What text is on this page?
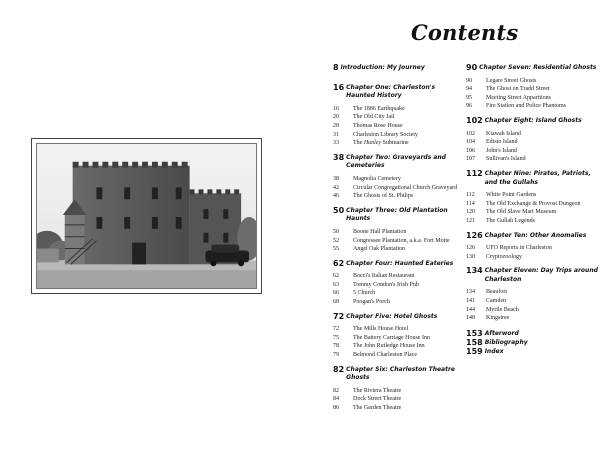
Contents

8 Introduction: My Journey

16 Chapter One: Charleston's Haunted History

16	The 1886 Earthquake
20	The Old City Jail
28	Thomas Rose House
31	Charleston Library Society
33	The Hunley Submarine

38 Chapter Two: Graveyards and Cemeteries

38	Magnolia Cemetery
42	Circular Congregational Church Graveyard
46	The Ghosts of St. Philips

50 Chapter Three: Old Plantation Haunts

50	Boone Hall Plantation
52	Congressee Plantation, a.k.a. Fort Motte
55	Angel Oak Plantation

62 Chapter Four: Haunted Eateries

62	Bocci's Italian Restaurant
63	Tommy Condon's Irish Pub
66	5 Church
68	Poogan's Porch

72 Chapter Five: Hotel Ghosts

72	The Mills House Hotel
75	The Battery Carriage House Inn
78	The John Rutledge House Inn
79	Belmond Charleston Place

82 Chapter Six: Charleston Theatre Ghosts

82	The Riviera Theatre
84	Dock Street Theatre
86	The Garden Theatre

90 Chapter Seven: Residential Ghosts

90	Legare Street Ghosts
94	The Ghost on Tradd Street
95	Meeting Street Apparitions
96	Fire Station and Police Phantoms

102 Chapter Eight: Island Ghosts

102	Kiawah Island
104	Edisto Island
106	John's Island
107	Sullivan's Island

112 Chapter Nine: Pirates, Patriots, and the Gullahs

112	White Point Gardens
114	The Old Exchange & Provost Dungeon
120	The Old Slave Mart Museum
121	The Gullah Legends

126 Chapter Ten: Other Anomalies

126	UFO Reports in Charleston
130	Cryptozoology

134 Chapter Eleven: Day Trips around Charleston

134	Beaufort
141	Camden
144	Myrtle Beach
148	Kingstree

153 Afterword

158 Bibliography

159 Index
